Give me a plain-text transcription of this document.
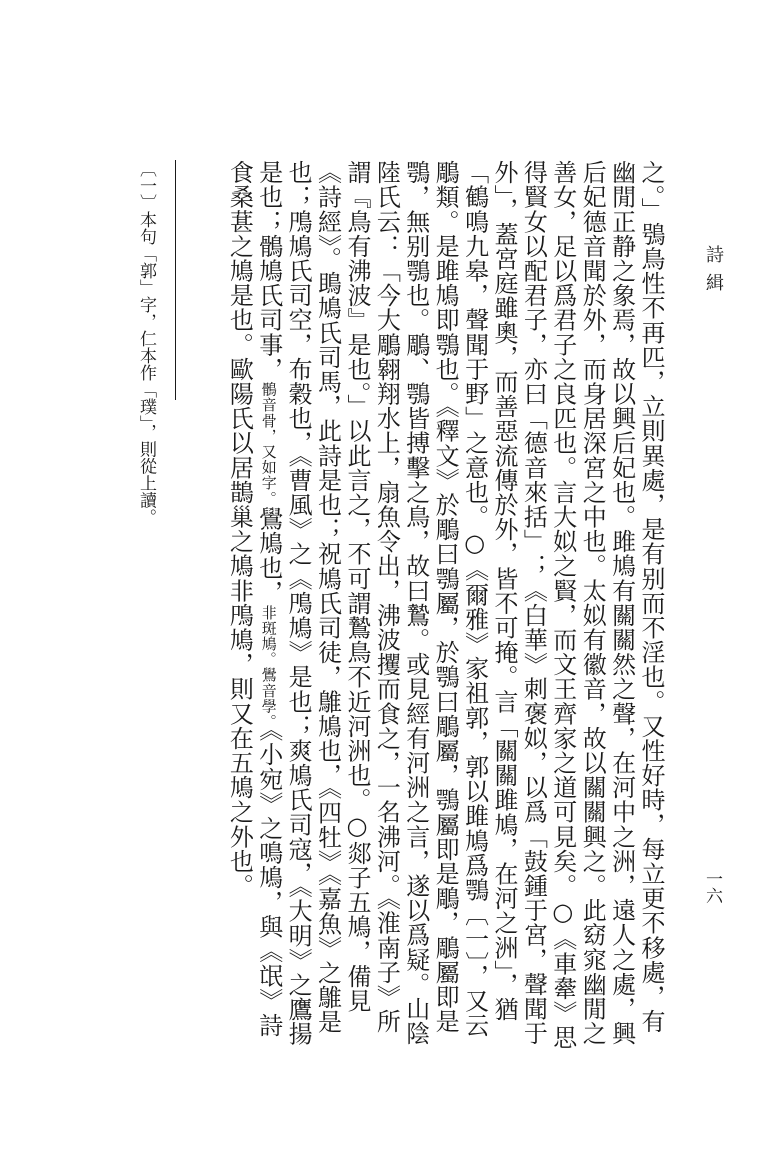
詩緝
一六

之。」鴞鳥性不再匹，立則異處，是有别而不淫也。又性好時，每立更不移處，有幽閒正静之象焉，故以興后妃也。雎鳩有關關然之聲，在河中之洲，遠人之處，興后妃德音聞於外，而身居深宮之中也。太姒有徽音，故以關關興之。此窈窕幽閒之善女，足以爲君子之良匹也。言大姒之賢，而文王齊家之道可見矣。○《車舝》思得賢女以配君子，亦曰「德音來括」；《白華》刺褒姒，以爲「鼓鍾于宮，聲聞于外」，蓋宮庭雖奧，而善惡流傳於外，皆不可掩。言「關關雎鳩，在河之洲」，猶「鶴鳴九皋，聲聞于野」之意也。○《爾雅》家祖郭，郭以雎鳩爲鶚〔一〕，又云鵰類。是雎鳩即鶚也。《釋文》於鵰曰鶚屬，於鶚曰鵰屬，鶚屬即是鵰，鵰屬即是鶚，無别鶚也。鵰、鶚皆搏擊之鳥，故曰鷙。或見經有河洲之言，遂以爲疑。山陰陸氏云：「今大鵰翱翔水上，扇魚令出，沸波攫而食之，一名沸河。《淮南子》所謂『鳥有沸波』是也。」以此言之，不可謂鷙鳥不近河洲也。○郯子五鳩，備見《詩經》。鴡鳩氏司馬，此詩是也；祝鳩氏司徒，鵻鳩也，《四牡》《嘉魚》之鵻是也；鳲鳩氏司空，布穀也，《曹風》之《鳲鳩》是也；爽鳩氏司寇，《大明》之鷹揚是也；鶻鳩氏司事，鶻音骨，又如字。鷽鳩也，非斑鳩。鷽音學。《小宛》之鳴鳩，與《氓》詩食桑葚之鳩是也。歐陽氏以居鵲巢之鳩非鳲鳩，則又在五鳩之外也。

〔一〕本句「郭」字，仁本作「璞」，則從上讀。
